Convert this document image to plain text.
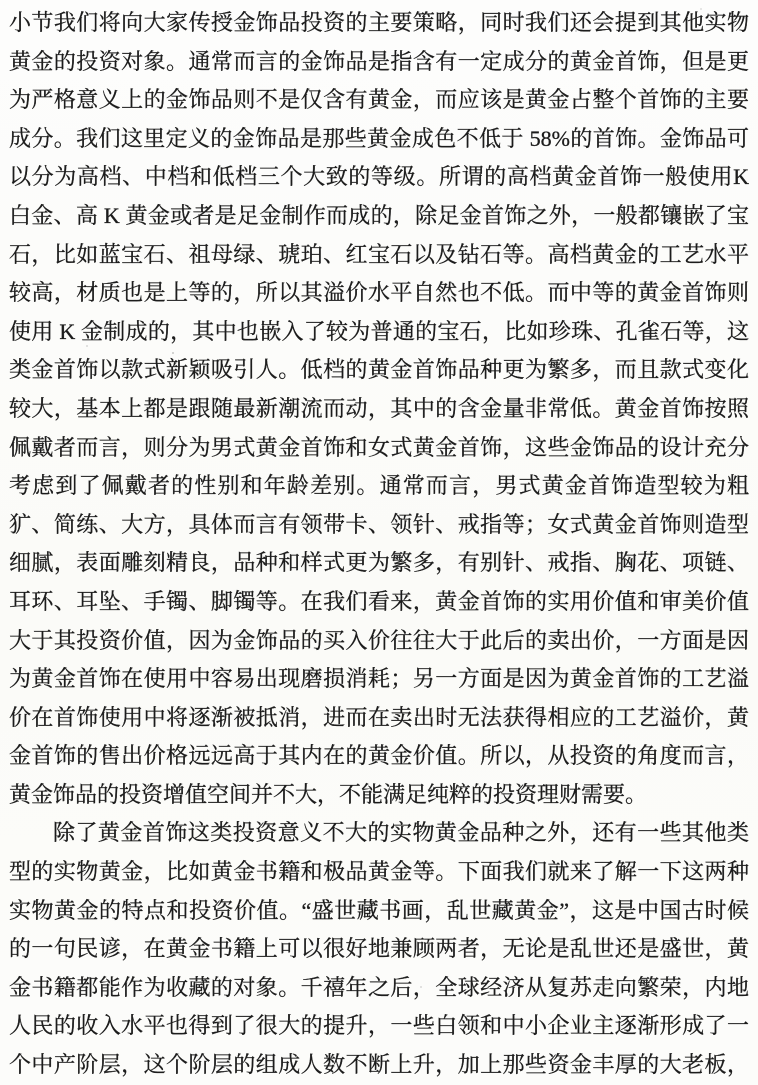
小节我们将向大家传授金饰品投资的主要策略，同时我们还会提到其他实物
黄金的投资对象。通常而言的金饰品是指含有一定成分的黄金首饰，但是更
为严格意义上的金饰品则不是仅含有黄金，而应该是黄金占整个首饰的主要
成分。我们这里定义的金饰品是那些黄金成色不低于 58%的首饰。金饰品可
以分为高档、中档和低档三个大致的等级。所谓的高档黄金首饰一般使用K
白金、高 K 黄金或者是足金制作而成的，除足金首饰之外，一般都镶嵌了宝
石，比如蓝宝石、祖母绿、琥珀、红宝石以及钻石等。高档黄金的工艺水平
较高，材质也是上等的，所以其溢价水平自然也不低。而中等的黄金首饰则
使用 K 金制成的，其中也嵌入了较为普通的宝石，比如珍珠、孔雀石等，这
类金首饰以款式新颖吸引人。低档的黄金首饰品种更为繁多，而且款式变化
较大，基本上都是跟随最新潮流而动，其中的含金量非常低。黄金首饰按照
佩戴者而言，则分为男式黄金首饰和女式黄金首饰，这些金饰品的设计充分
考虑到了佩戴者的性别和年龄差别。通常而言，男式黄金首饰造型较为粗
犷、简练、大方，具体而言有领带卡、领针、戒指等；女式黄金首饰则造型
细腻，表面雕刻精良，品种和样式更为繁多，有别针、戒指、胸花、项链、
耳环、耳坠、手镯、脚镯等。在我们看来，黄金首饰的实用价值和审美价值
大于其投资价值，因为金饰品的买入价往往大于此后的卖出价，一方面是因
为黄金首饰在使用中容易出现磨损消耗；另一方面是因为黄金首饰的工艺溢
价在首饰使用中将逐渐被抵消，进而在卖出时无法获得相应的工艺溢价，黄
金首饰的售出价格远远高于其内在的黄金价值。所以，从投资的角度而言，
黄金饰品的投资增值空间并不大，不能满足纯粹的投资理财需要。
除了黄金首饰这类投资意义不大的实物黄金品种之外，还有一些其他类
型的实物黄金，比如黄金书籍和极品黄金等。下面我们就来了解一下这两种
实物黄金的特点和投资价值。“盛世藏书画，乱世藏黄金”，这是中国古时候
的一句民谚，在黄金书籍上可以很好地兼顾两者，无论是乱世还是盛世，黄
金书籍都能作为收藏的对象。千禧年之后，全球经济从复苏走向繁荣，内地
人民的收入水平也得到了很大的提升，一些白领和中小企业主逐渐形成了一
个中产阶层，这个阶层的组成人数不断上升，加上那些资金丰厚的大老板，
